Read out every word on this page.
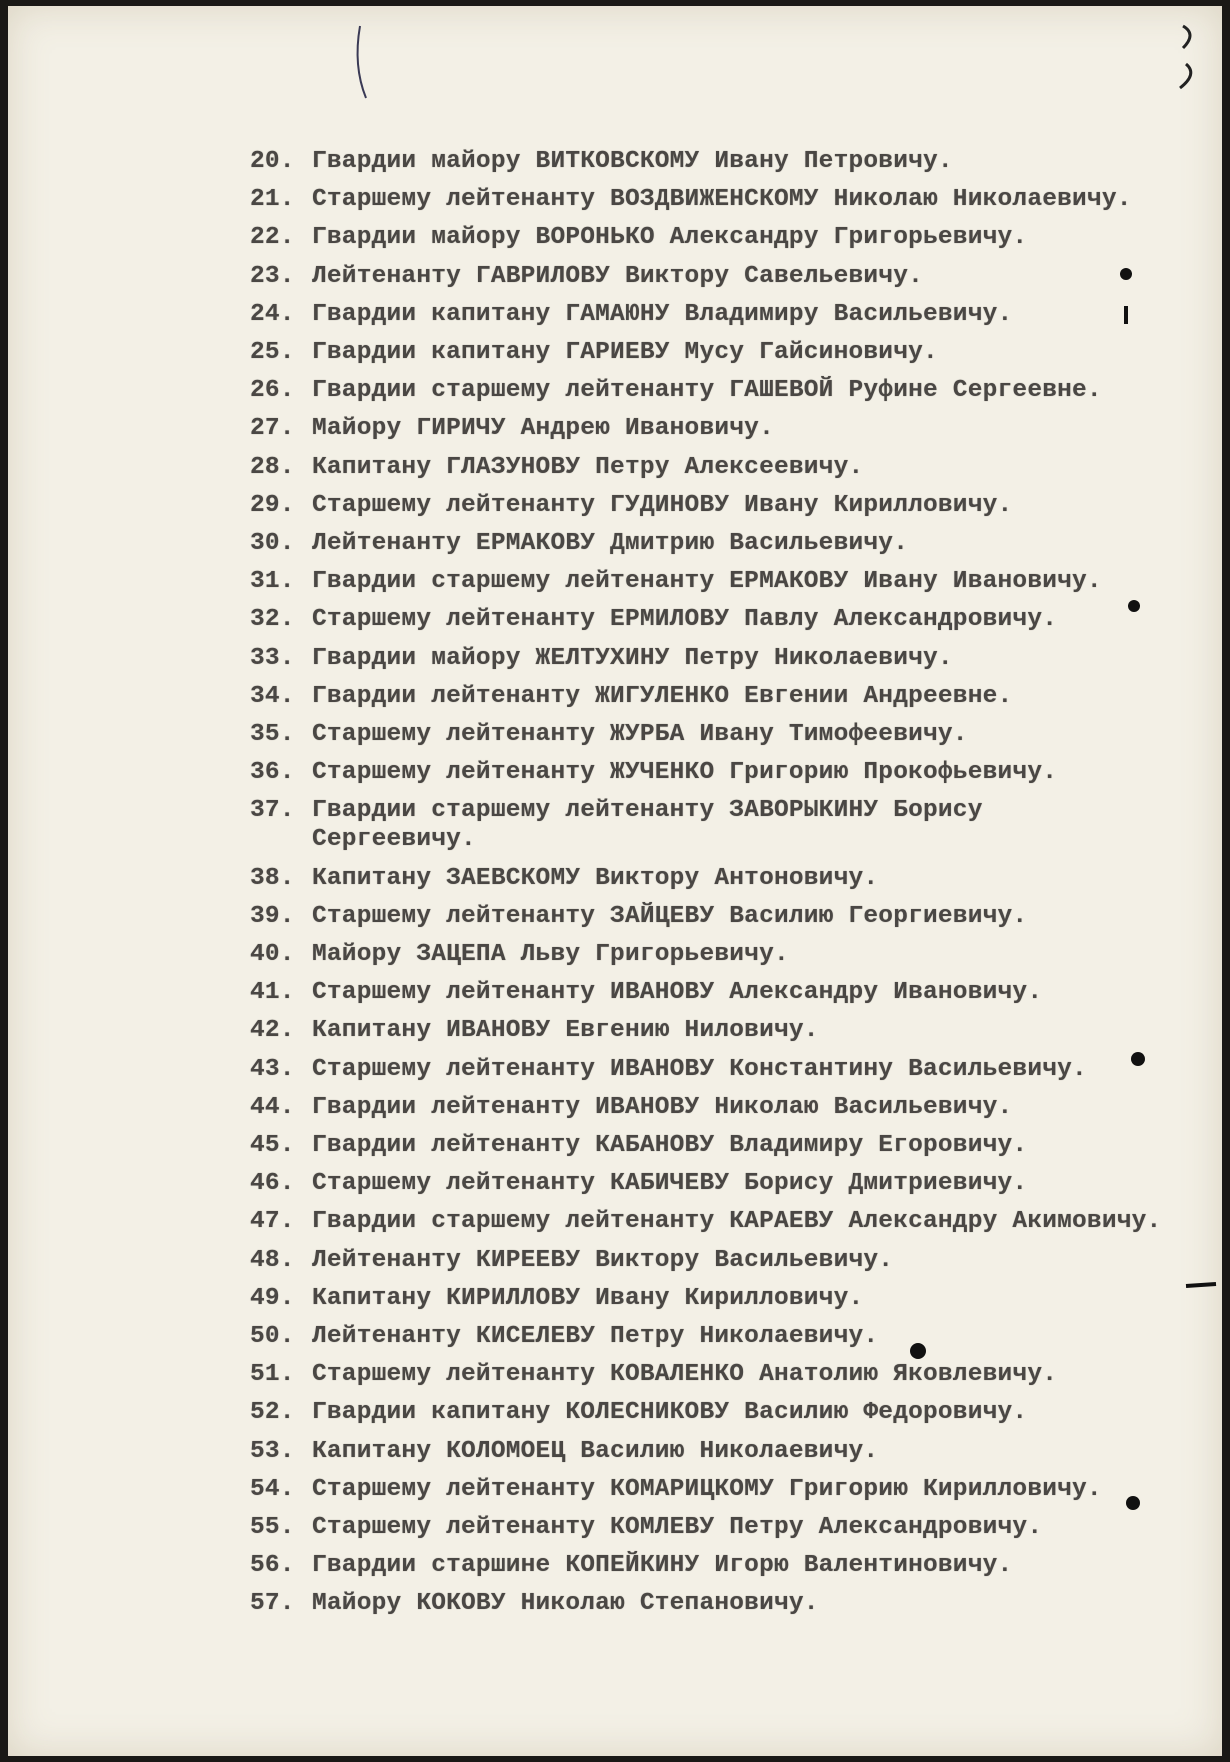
20. Гвардии майору ВИТКОВСКОМУ Ивану Петровичу.
21. Старшему лейтенанту ВОЗДВИЖЕНСКОМУ Николаю Николаевичу.
22. Гвардии майору ВОРОНЬКО Александру Григорьевичу.
23. Лейтенанту ГАВРИЛОВУ Виктору Савельевичу.
24. Гвардии капитану ГАМАЮНУ Владимиру Васильевичу.
25. Гвардии капитану ГАРИЕВУ Мусу Гайсиновичу.
26. Гвардии старшему лейтенанту ГАШЕВОЙ Руфине Сергеевне.
27. Майору ГИРИЧУ Андрею Ивановичу.
28. Капитану ГЛАЗУНОВУ Петру Алексеевичу.
29. Старшему лейтенанту ГУДИНОВУ Ивану Кирилловичу.
30. Лейтенанту ЕРМАКОВУ Дмитрию Васильевичу.
31. Гвардии старшему лейтенанту ЕРМАКОВУ Ивану Ивановичу.
32. Старшему лейтенанту ЕРМИЛОВУ Павлу Александровичу.
33. Гвардии майору ЖЕЛТУХИНУ Петру Николаевичу.
34. Гвардии лейтенанту ЖИГУЛЕНКО Евгении Андреевне.
35. Старшему лейтенанту ЖУРБА Ивану Тимофеевичу.
36. Старшему лейтенанту ЖУЧЕНКО Григорию Прокофьевичу.
37. Гвардии старшему лейтенанту ЗАВОРЫКИНУ Борису
Сергеевичу.
38. Капитану ЗАЕВСКОМУ Виктору Антоновичу.
39. Старшему лейтенанту ЗАЙЦЕВУ Василию Георгиевичу.
40. Майору ЗАЦЕПА Льву Григорьевичу.
41. Старшему лейтенанту ИВАНОВУ Александру Ивановичу.
42. Капитану ИВАНОВУ Евгению Ниловичу.
43. Старшему лейтенанту ИВАНОВУ Константину Васильевичу.
44. Гвардии лейтенанту ИВАНОВУ Николаю Васильевичу.
45. Гвардии лейтенанту КАБАНОВУ Владимиру Егоровичу.
46. Старшему лейтенанту КАБИЧЕВУ Борису Дмитриевичу.
47. Гвардии старшему лейтенанту КАРАЕВУ Александру Акимовичу.
48. Лейтенанту КИРЕЕВУ Виктору Васильевичу.
49. Капитану КИРИЛЛОВУ Ивану Кирилловичу.
50. Лейтенанту КИСЕЛЕВУ Петру Николаевичу.
51. Старшему лейтенанту КОВАЛЕНКО Анатолию Яковлевичу.
52. Гвардии капитану КОЛЕСНИКОВУ Василию Федоровичу.
53. Капитану КОЛОМОЕЦ Василию Николаевичу.
54. Старшему лейтенанту КОМАРИЦКОМУ Григорию Кирилловичу.
55. Старшему лейтенанту КОМЛЕВУ Петру Александровичу.
56. Гвардии старшине КОПЕЙКИНУ Игорю Валентиновичу.
57. Майору КОКОВУ Николаю Степановичу.
